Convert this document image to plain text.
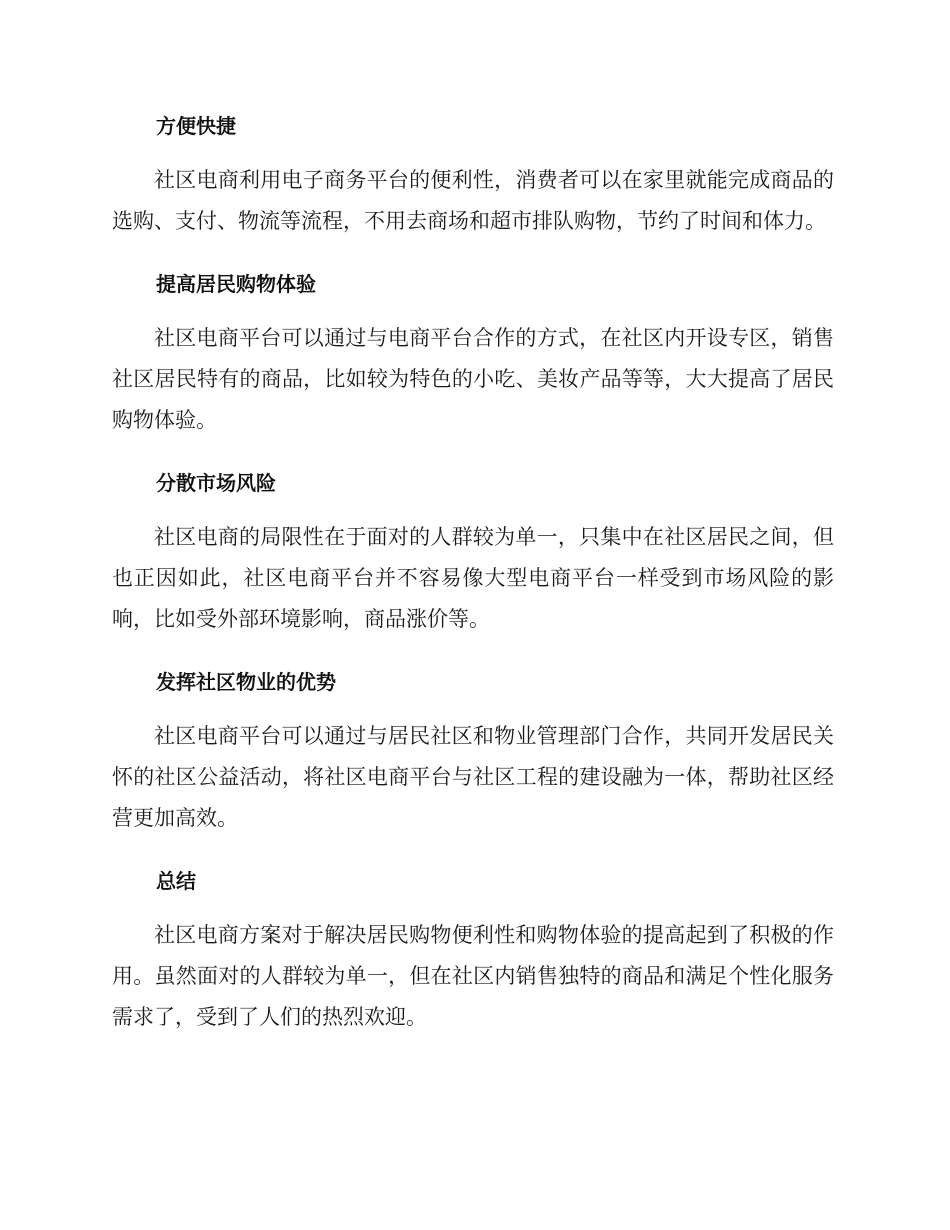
方便快捷

社区电商利用电子商务平台的便利性，消费者可以在家里就能完成商品的选购、支付、物流等流程，不用去商场和超市排队购物，节约了时间和体力。

提高居民购物体验

社区电商平台可以通过与电商平台合作的方式，在社区内开设专区，销售社区居民特有的商品，比如较为特色的小吃、美妆产品等等，大大提高了居民购物体验。

分散市场风险

社区电商的局限性在于面对的人群较为单一，只集中在社区居民之间，但也正因如此，社区电商平台并不容易像大型电商平台一样受到市场风险的影响，比如受外部环境影响，商品涨价等。

发挥社区物业的优势

社区电商平台可以通过与居民社区和物业管理部门合作，共同开发居民关怀的社区公益活动，将社区电商平台与社区工程的建设融为一体，帮助社区经营更加高效。

总结

社区电商方案对于解决居民购物便利性和购物体验的提高起到了积极的作用。虽然面对的人群较为单一，但在社区内销售独特的商品和满足个性化服务需求了，受到了人们的热烈欢迎。
